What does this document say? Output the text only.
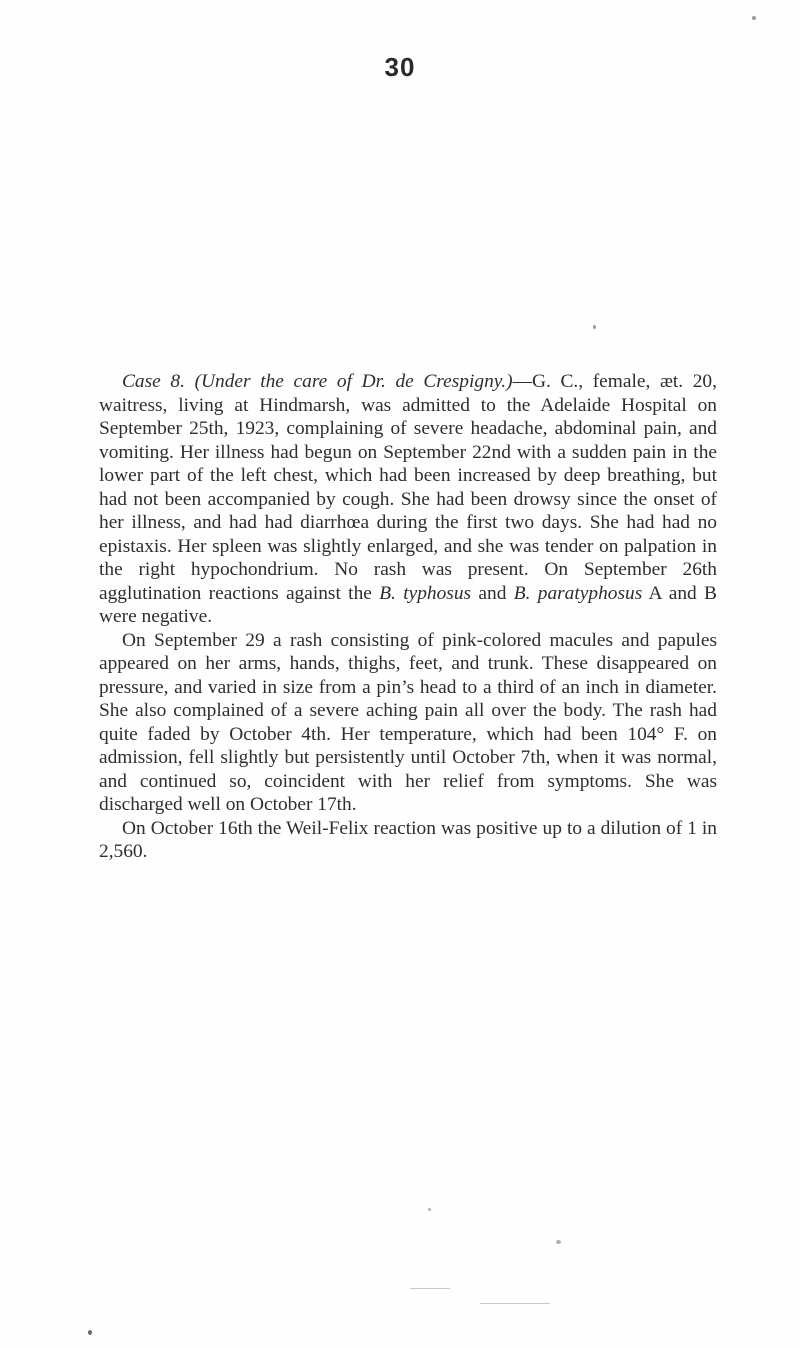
30

Case 8. (Under the care of Dr. de Crespigny.)—G. C., female, æt. 20, waitress, living at Hindmarsh, was admitted to the Adelaide Hospital on September 25th, 1923, complaining of severe headache, abdominal pain, and vomiting. Her illness had begun on September 22nd with a sudden pain in the lower part of the left chest, which had been increased by deep breathing, but had not been accompanied by cough. She had been drowsy since the onset of her illness, and had had diarrhœa during the first two days. She had had no epistaxis. Her spleen was slightly enlarged, and she was tender on palpation in the right hypochondrium. No rash was present. On September 26th agglutination reactions against the B. typhosus and B. paratyphosus A and B were negative.

On September 29 a rash consisting of pink-colored macules and papules appeared on her arms, hands, thighs, feet, and trunk. These disappeared on pressure, and varied in size from a pin’s head to a third of an inch in diameter. She also complained of a severe aching pain all over the body. The rash had quite faded by October 4th. Her temperature, which had been 104° F. on admission, fell slightly but persistently until October 7th, when it was normal, and continued so, coincident with her relief from symptoms. She was discharged well on October 17th.

On October 16th the Weil-Felix reaction was positive up to a dilution of 1 in 2,560.
